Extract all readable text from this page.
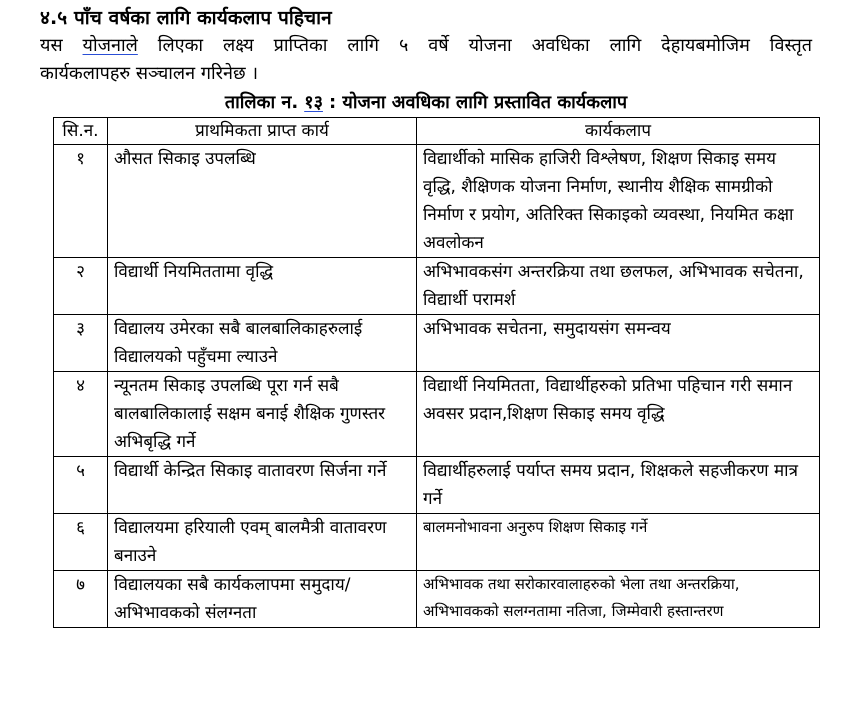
४.५ पाँच वर्षका लागि कार्यकलाप पहिचान
यस योजनाले लिएका लक्ष्य प्राप्तिका लागि ५ वर्षे योजना अवधिका लागि देहायबमोजिम विस्तृत
कार्यकलापहरु सञ्चालन गरिनेछ ।
तालिका न. १३ : योजना अवधिका लागि प्रस्तावित कार्यकलाप
सि.न.	प्राथमिकता प्राप्त कार्य	कार्यकलाप
१	औसत सिकाइ उपलब्धि	विद्यार्थीको मासिक हाजिरी विश्लेषण, शिक्षण सिकाइ समय वृद्धि, शैक्षिणक योजना निर्माण, स्थानीय शैक्षिक सामग्रीको निर्माण र प्रयोग, अतिरिक्त सिकाइको व्यवस्था, नियमित कक्षा अवलोकन
२	विद्यार्थी नियमिततामा वृद्धि	अभिभावकसंग अन्तरक्रिया तथा छलफल, अभिभावक सचेतना, विद्यार्थी परामर्श
३	विद्यालय उमेरका सबै बालबालिकाहरुलाई विद्यालयको पहुँचमा ल्याउने	अभिभावक सचेतना, समुदायसंग समन्वय
४	न्यूनतम सिकाइ उपलब्धि पूरा गर्न सबै बालबालिकालाई सक्षम बनाई शैक्षिक गुणस्तर अभिबृद्धि गर्ने	विद्यार्थी नियमितता, विद्यार्थीहरुको प्रतिभा पहिचान गरी समान अवसर प्रदान,शिक्षण सिकाइ समय वृद्धि
५	विद्यार्थी केन्द्रित सिकाइ वातावरण सिर्जना गर्ने	विद्यार्थीहरुलाई पर्याप्त समय प्रदान, शिक्षकले सहजीकरण मात्र गर्ने
६	विद्यालयमा हरियाली एवम् बालमैत्री वातावरण बनाउने	बालमनोभावना अनुरुप शिक्षण सिकाइ गर्ने
७	विद्यालयका सबै कार्यकलापमा समुदाय/अभिभावकको संलग्नता	अभिभावक तथा सरोकारवालाहरुको भेला तथा अन्तरक्रिया, अभिभावकको सलग्नतामा नतिजा, जिम्मेवारी हस्तान्तरण
